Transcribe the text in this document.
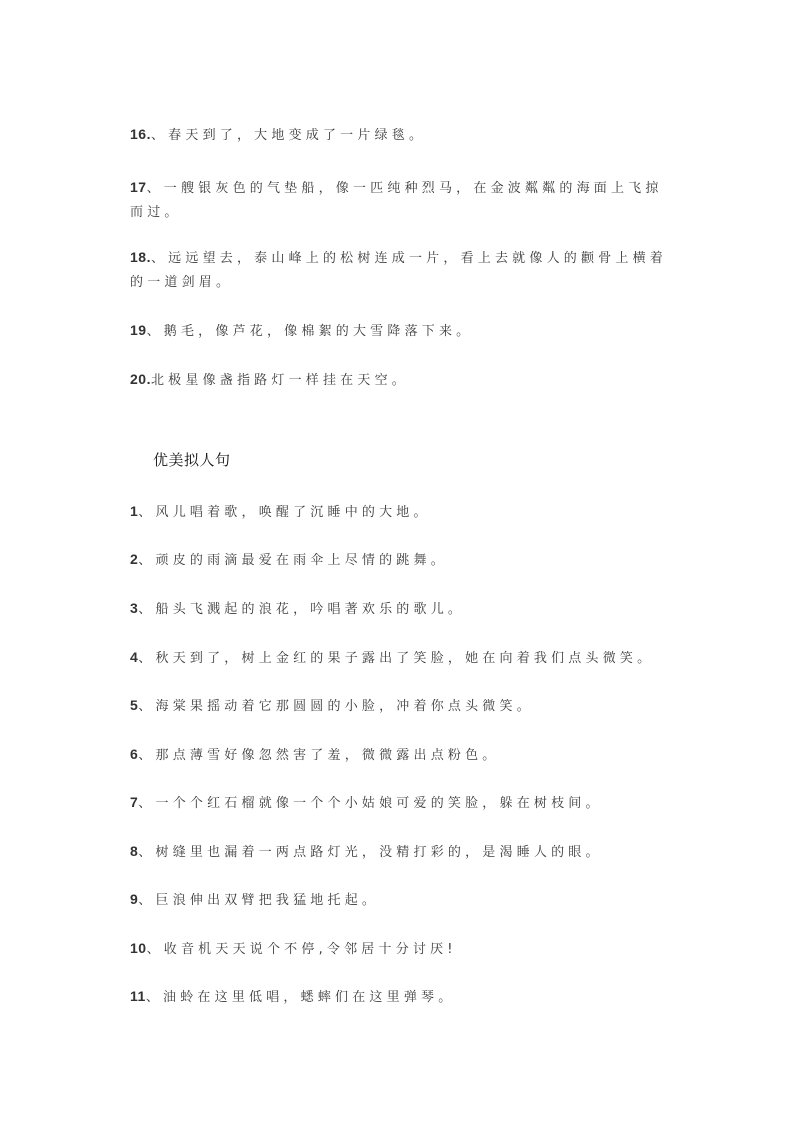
16.、春天到了，大地变成了一片绿毯。
17、一艘银灰色的气垫船，像一匹纯种烈马，在金波粼粼的海面上飞掠而过。
18.、远远望去，泰山峰上的松树连成一片，看上去就像人的颧骨上横着的一道剑眉。
19、鹅毛，像芦花，像棉絮的大雪降落下来。
20.北极星像盏指路灯一样挂在天空。
优美拟人句
1、风儿唱着歌，唤醒了沉睡中的大地。
2、顽皮的雨滴最爱在雨伞上尽情的跳舞。
3、船头飞溅起的浪花，吟唱著欢乐的歌儿。
4、秋天到了，树上金红的果子露出了笑脸，她在向着我们点头微笑。
5、海棠果摇动着它那圆圆的小脸，冲着你点头微笑。
6、那点薄雪好像忽然害了羞，微微露出点粉色。
7、一个个红石榴就像一个个小姑娘可爱的笑脸，躲在树枝间。
8、树缝里也漏着一两点路灯光，没精打彩的，是渴睡人的眼。
9、巨浪伸出双臂把我猛地托起。
10、收音机天天说个不停,令邻居十分讨厌!
11、油蛉在这里低唱，蟋蟀们在这里弹琴。
